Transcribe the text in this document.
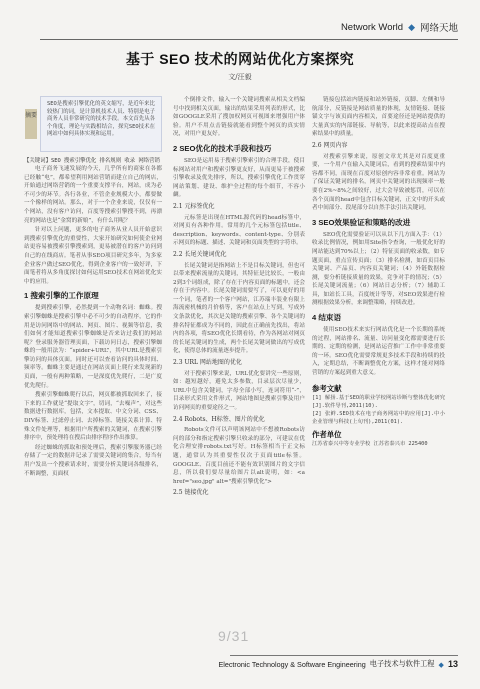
Network World ◆ 网络天地
基于 SEO 技术的网站优化方案探究
文/汪毅
摘要
SEO是搜索引擎优化的英文缩写，是近年来比较热门的词，是计算机技术人员、特别是电子商务人员非常研究的技术手段。本文首先从各个角度，理论与实践相结合，探究SEO技术在网站中如何具体实现和运用。
【关键词】SEO 搜索引擎优化 排名规则 收录 网络营销
电子商务飞速发展的今天，几乎所有的商家在各都已经触“电”，都希望利用网站营销而建立自己的网店，开始通过网络营销的一个重要支撑平台，网站，成为必不可少的环节。各行各业，不管企业规模大小，都要做一个像样的网站。那么，对于一个企业来说，仅仅有一个网站，没有客户访问，百度等搜索引擎搜不到，再漂亮的网站也是“金窝的新娘”，有什么用呢？
针对以上问题，更多的电子商务从业人员开始意识到搜索引擎优化的重要性，大家开始研究如何使企业网站更容易被搜索引擎搜索到，更易被潜在的客户访问到自己的在线商店。笔者从事SEO项目研究多年，为多家企业客户做过SEO优化，得到企业客户的一致好评，下面笔者将从多角度探讨如何运用SEO技术在网站优化实中的应用。
1 搜索引擎的工作原理
提到搜索引擎，必然提到一个动物名词：蜘蛛。搜索引擎蜘蛛是搜索引擎中必不可少的自动程序，它的作用是访问网络中的网站、网页、图片、视频等信息，我们如何才能知道搜索引擎蜘蛛是否来访过我们的网站呢？登录服务器管理页面，下载访问日志，搜索引擎蜘蛛的一般用法为：“spider+URL”，其中URL是搜索引擎访问的具体页面。同时还可以查看访问的具体时间、频率等。蜘蛛主要是通过在网站页面上爬行来发现新的页面，一般有两种策略，一是深度优先爬行，二是广度优先爬行。
搜索引擎蜘蛛爬行以后，网页都被抓取回来了，接下来的工作就是“提取文字”，切词，“去噪声”，对这些数据进行数据库，包括，文本提取、中文分词、CSS、DIV标签、过滤停止词、去掉标签、链接关系计算、特殊文件处理等，根据用户所搜索的关键词，在搜索引擎排序中，预处理将在搜后由排序程序作出推算。
经过蜘蛛的抓取和预处理后，搜索引擎服务器已经存储了一定的数据并记录了需要关键词的集合，每当有用户发出一个搜索请求时，需要分析关键词各级排名，不断调整，页面权
个倒排文件，输入一个关键词搜索从相关文档编号中找到相关页面，输出的结果采用列表的形式，比如GOOGLE采用了搜加权网页可视图来增强用户体验。用户不用点击链接就能看到整个网页的真实情况，对用户更友好。
2 SEO优化的技术手段和技巧
SEO是运用易于搜索引擎索引的合理手段，使目标网站对用户和搜索引擎更友好，从而更易于被搜索引擎收录及优先排序，所以，搜索引擎优化工作贯穿网站策划、建设、维护全过程的每个细节，不容小觑。
2.1 元标签优化
元标签是出现在HTML源代码的head标签中，对网页有各种作用。常用的几个元标签包括title、description、keywords、content-type、分别表示网页的标题、描述、关键词和页面类型的字符串。
2.2 长尾关键词优化
长尾关键词是指网站上不是目标关键词，但也可以带来搜索流量的关键词，其特征是比较长，一般由2到3个词组成，除了存在于内容页面的标题中，还会存在于内容中。长尾关键词需要写了，可以更好的用一个词，笔者的一个客户网站，江苏瑞丰装业有限上海流密机械的月价格等，客户在站点上写到，写成外文条款优化，其次是关键的搜索引擎、各个关键词的排名特征都成为不同的，因此在正确前先找出，将站内的各项，将SEO优化长期看待，作为各网站对网页的长尾关键词的生成，两个长尾关键词做出的写成优化，使得总体的流量逐步提升。
2.3 URL 网站地图的优化
对于搜索引擎来说，URL优化要讲究一些原则，如：越短越好，避免太多参数，目录层次尽量少，URL中包含关键词，字母全部小写，连词符用“-”，目录形式采用文件形式，网站地图是搜索引擎及用户访问网页的重要途径之一。
2.4 Robots、H标签、图片的优化
Robots文件可以声明该网站中不想被Robots访问的部分和指定搜索引擎只收录的部分，可建议在优化合理安排robots.txt写好。H标签相当于正文标题，通常认为其重要性仅次于页面title标签。GOOGLE、百度目前还不能有效识别图片的文字信息，所以我们要尽量给图片以alt说明，如：<a href="seo.jpg" alt="搜索引擎优化">
2.5 链接优化
链接包括站内链接和站外链接，页脚、左侧和导航部分，反链接是网站质量的体现，友情链接、链接锚文字与该页面内容相关，首要途径还是网站提供的大量真实的内部链接、导航等，以此来提高站点在搜索结果中的质量。
2.6 网页内容
对搜索引擎来说，原创文章尤其是对百度更重要，一个用户在输入关键词后，看到的搜索结果中内容都不同，而现在百度对原创内容非常看重。网站为了保证关键词的排名，网页中关键词的出现频率一般要在2%~8%之间较好，过大会导致被惩罚，可以在各个页面的head中包含目标关键词，正文中的开头或者中间部分、段尾部分以自然手法引出关键词。
3 SEO效果验证和策略的改进
SEO优化需要验证可以从以下几方面入手：（1）收录比例情况，例如用Site指令查询，一般优化好的网站能达到70%以上；（2）特征页面的收录数，如专题页面，重点宣传页面；（3）排名检测，如首页目标关键词、产品页、内容页关键词；（4）外链数据检测，要分析链接质量的效果，竞争对手的情况；（5）长尾关键词流量；（6）网站日志分析；（7）辅助工具，如站长工具，百度统计等等，对SEO效果进行检测根据效果分析，来调整策略，持续改进。
4 结束语
使用SEO技术来实行网站优化是一个长期的系统的过程，网站排名、流量、访问量变化都需要进行长期的、定期的检测，是网站运营推广工作中非常重要的一环。SEO优化需要常规更多技术手段和持续的投入，定期总结，不断调整优化方案，这样才能对网络营销的方案起到重大意义。
参考文献
[1] 解扬.基于SEO的职业学校网站诊断与整体优化研究[J].软件导刊,2011(10).
[2] 张鲜.SEO技术在电子商务网站中的应用[J].中小企业管理与科技(上旬刊),2011(01).
作者单位
江苏省泰兴中等专业学校 江苏省泰兴市 225400
9/31
Electronic Technology & Software Engineering 电子技术与软件工程 ◆ 13
